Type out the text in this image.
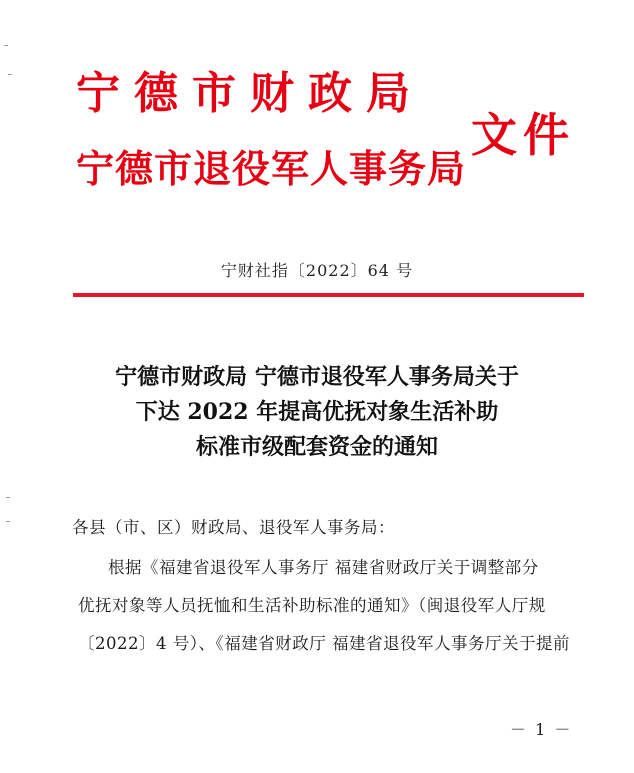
宁德市财政局
宁德市退役军人事务局
文件
宁财社指〔2022〕64 号
宁德市财政局 宁德市退役军人事务局关于
下达 2022 年提高优抚对象生活补助
标准市级配套资金的通知
各县（市、区）财政局、退役军人事务局：
根据《福建省退役军人事务厅 福建省财政厅关于调整部分
优抚对象等人员抚恤和生活补助标准的通知》（闽退役军人厅规
〔2022〕4 号）、《福建省财政厅 福建省退役军人事务厅关于提前
－ 1 －
